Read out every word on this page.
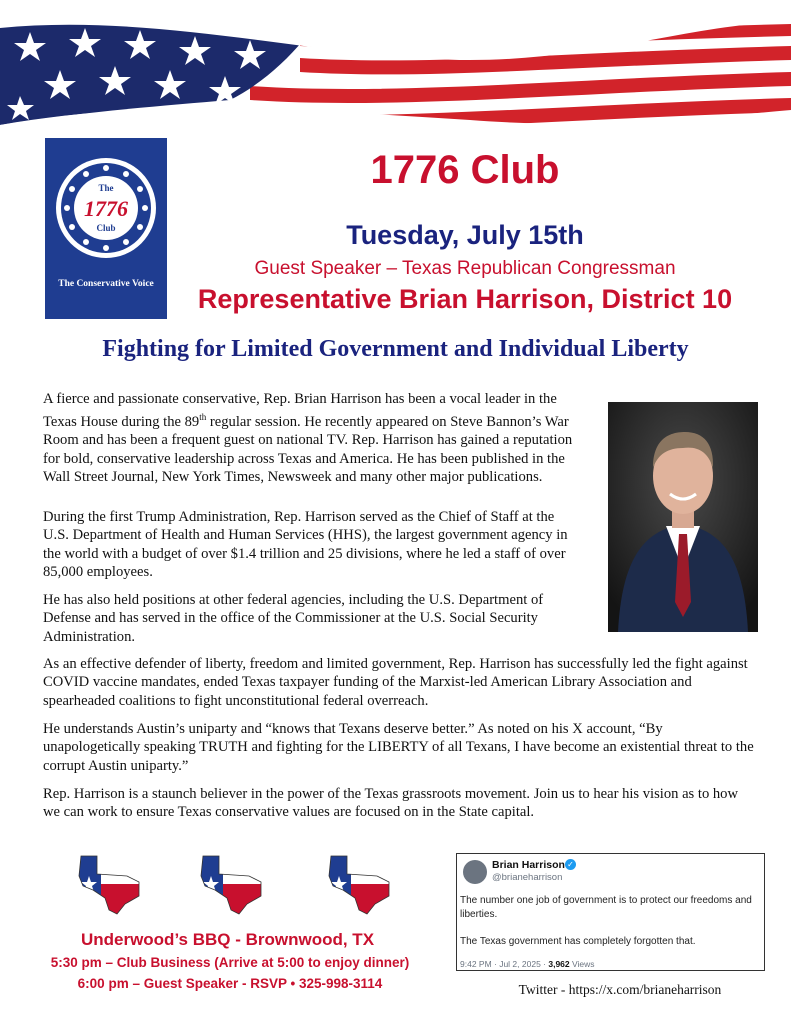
The
1776
Club
The Conservative Voice
1776 Club
Tuesday, July 15th
Guest Speaker – Texas Republican Congressman
Representative Brian Harrison, District 10
Fighting for Limited Government and Individual Liberty

A fierce and passionate conservative, Rep. Brian Harrison has been a vocal leader in the Texas House during the 89th regular session. He recently appeared on Steve Bannon’s War Room and has been a frequent guest on national TV. Rep. Harrison has gained a reputation for bold, conservative leadership across Texas and America. He has been published in the Wall Street Journal, New York Times, Newsweek and many other major publications.

During the first Trump Administration, Rep. Harrison served as the Chief of Staff at the U.S. Department of Health and Human Services (HHS), the largest government agency in the world with a budget of over $1.4 trillion and 25 divisions, where he led a staff of over 85,000 employees.

He has also held positions at other federal agencies, including the U.S. Department of Defense and has served in the office of the Commissioner at the U.S. Social Security Administration.

As an effective defender of liberty, freedom and limited government, Rep. Harrison has successfully led the fight against COVID vaccine mandates, ended Texas taxpayer funding of the Marxist-led American Library Association and spearheaded coalitions to fight unconstitutional federal overreach.

He understands Austin’s uniparty and “knows that Texans deserve better.” As noted on his X account, “By unapologetically speaking TRUTH and fighting for the LIBERTY of all Texans, I have become an existential threat to the corrupt Austin uniparty.”

Rep. Harrison is a staunch believer in the power of the Texas grassroots movement. Join us to hear his vision as to how we can work to ensure Texas conservative values are focused on in the State capital.

Underwood’s BBQ - Brownwood, TX
5:30 pm – Club Business (Arrive at 5:00 to enjoy dinner)
6:00 pm – Guest Speaker - RSVP • 325-998-3114
Brian Harrison ✓
@brianeharrison
The number one job of government is to protect our freedoms and liberties.
The Texas government has completely forgotten that.
9:42 PM · Jul 2, 2025 · 3,962 Views
Twitter - https://x.com/brianeharrison
